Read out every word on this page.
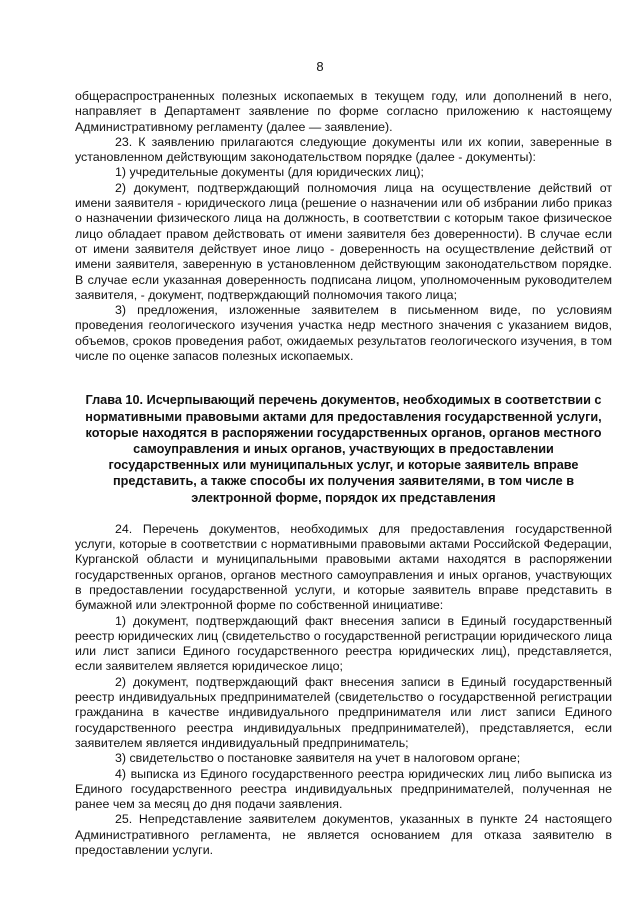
8

общераспространенных полезных ископаемых в текущем году, или дополнений в него, направляет в Департамент заявление по форме согласно приложению к настоящему Административному регламенту (далее — заявление).

23. К заявлению прилагаются следующие документы или их копии, заверенные в установленном действующим законодательством порядке (далее - документы):

1) учредительные документы (для юридических лиц);

2) документ, подтверждающий полномочия лица на осуществление действий от имени заявителя - юридического лица (решение о назначении или об избрании либо приказ о назначении физического лица на должность, в соответствии с которым такое физическое лицо обладает правом действовать от имени заявителя без доверенности). В случае если от имени заявителя действует иное лицо - доверенность на осуществление действий от имени заявителя, заверенную в установленном действующим законодательством порядке. В случае если указанная доверенность подписана лицом, уполномоченным руководителем заявителя, - документ, подтверждающий полномочия такого лица;

3) предложения, изложенные заявителем в письменном виде, по условиям проведения геологического изучения участка недр местного значения с указанием видов, объемов, сроков проведения работ, ожидаемых результатов геологического изучения, в том числе по оценке запасов полезных ископаемых.

Глава 10. Исчерпывающий перечень документов, необходимых в соответствии с нормативными правовыми актами для предоставления государственной услуги, которые находятся в распоряжении государственных органов, органов местного самоуправления и иных органов, участвующих в предоставлении государственных или муниципальных услуг, и которые заявитель вправе представить, а также способы их получения заявителями, в том числе в электронной форме, порядок их представления

24. Перечень документов, необходимых для предоставления государственной услуги, которые в соответствии с нормативными правовыми актами Российской Федерации, Курганской области и муниципальными правовыми актами находятся в распоряжении государственных органов, органов местного самоуправления и иных органов, участвующих в предоставлении государственной услуги, и которые заявитель вправе представить в бумажной или электронной форме по собственной инициативе:

1) документ, подтверждающий факт внесения записи в Единый государственный реестр юридических лиц (свидетельство о государственной регистрации юридического лица или лист записи Единого государственного реестра юридических лиц), представляется, если заявителем является юридическое лицо;

2) документ, подтверждающий факт внесения записи в Единый государственный реестр индивидуальных предпринимателей (свидетельство о государственной регистрации гражданина в качестве индивидуального предпринимателя или лист записи Единого государственного реестра индивидуальных предпринимателей), представляется, если заявителем является индивидуальный предприниматель;

3) свидетельство о постановке заявителя на учет в налоговом органе;

4) выписка из Единого государственного реестра юридических лиц либо выписка из Единого государственного реестра индивидуальных предпринимателей, полученная не ранее чем за месяц до дня подачи заявления.

25. Непредставление заявителем документов, указанных в пункте 24 настоящего Административного регламента, не является основанием для отказа заявителю в предоставлении услуги.
